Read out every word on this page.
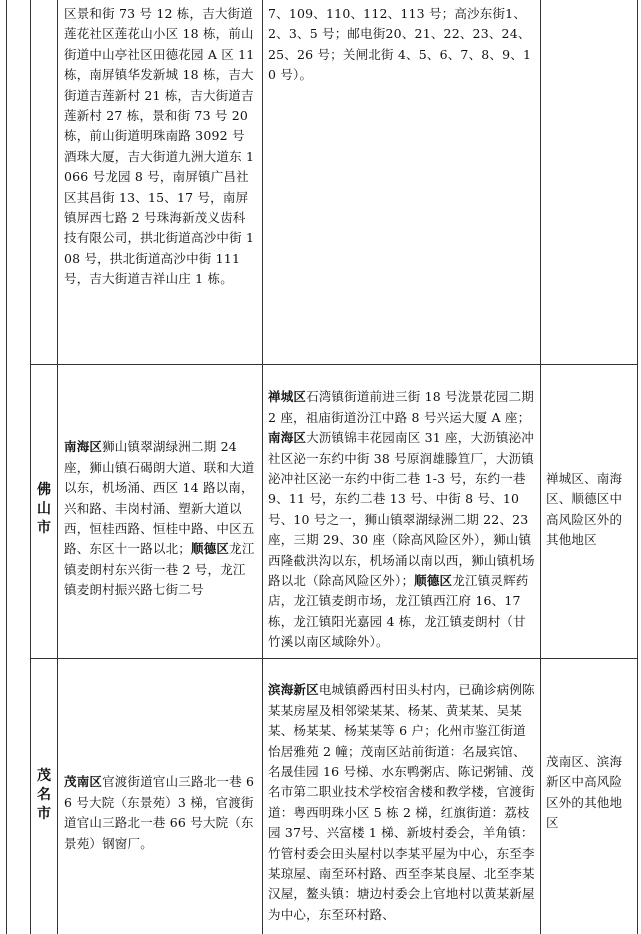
区景和街 73 号 12 栋，吉大街道莲花社区莲花山小区 18 栋，前山街道中山亭社区田德花园 A 区 11 栋，南屏镇华发新城 18 栋，吉大街道吉莲新村 21 栋，吉大街道吉莲新村 27 栋，景和街 73 号 20 栋，前山街道明珠南路 3092 号酒珠大厦，吉大街道九洲大道东 1066 号龙园 8 号，南屏镇广昌社区其昌街 13、15、17 号，南屏镇屏西七路 2 号珠海新茂义齿科技有限公司，拱北街道高沙中街 108 号，拱北街道高沙中街 111 号，吉大街道吉祥山庄 1 栋。
7、109、110、112、113 号；高沙东街1、2、3、5 号；邮电街20、21、22、23、24、25、26 号；关闸北街 4、5、6、7、8、9、10 号）。
佛山市

南海区狮山镇翠湖绿洲二期 24 座，狮山镇石碣朗大道、联和大道以东，机场涌、西区 14 路以南，兴和路、丰岗村涌、塑新大道以西，恒桂西路、恒桂中路、中区五路、东区十一路以北；顺德区龙江镇麦朗村东兴街一巷 2 号，龙江镇麦朗村振兴路七街二号

禅城区石湾镇街道前进三街 18 号泷景花园二期 2 座，祖庙街道汾江中路 8 号兴运大厦 A 座；南海区大沥镇锦丰花园南区 31 座，大沥镇泌冲社区泌一东约中街 38 号原润雄滕笪厂，大沥镇泌冲社区泌一东约中街二巷 1-3 号，东约一巷 9、11 号，东约二巷 13 号、中街 8 号、10 号、10 号之一，狮山镇翠湖绿洲二期 22、23 座，三期 29、30 座（除高风险区外），狮山镇西隆截洪沟以东，机场涌以南以西，狮山镇机场路以北（除高风险区外）；顺德区龙江镇灵辉药店，龙江镇麦朗市场，龙江镇西江府 16、17 栋，龙江镇阳光嘉园 4 栋，龙江镇麦朗村（甘竹溪以南区域除外）。

禅城区、南海区、顺德区中高风险区外的其他地区
茂名市

茂南区官渡街道官山三路北一巷 66 号大院（东景苑）3 梯，官渡街道官山三路北一巷 66 号大院（东景苑）钢窗厂。

滨海新区电城镇爵西村田头村内，已确诊病例陈某某房屋及相邻梁某某、杨某、黄某某、吴某某、杨某某、杨某某等 6 户；化州市鉴江街道怡居雅苑 2 幢；茂南区站前街道：名晟宾馆、名晟佳园 16 号梯、水东鸭粥店、陈记粥铺、茂名市第二职业技术学校宿舍楼和教学楼，官渡街道：粤西明珠小区 5 栋 2 梯，红旗街道：荔枝园 37号、兴富楼 1 梯、新坡村委会，羊角镇：竹管村委会田头屋村以李某平屋为中心，东至李某琼屋、南至环村路、西至李某良屋、北至李某汉屋，鳌头镇：塘边村委会上官地村以黄某新屋为中心，东至环村路、

茂南区、滨海新区中高风险区外的其他地区
